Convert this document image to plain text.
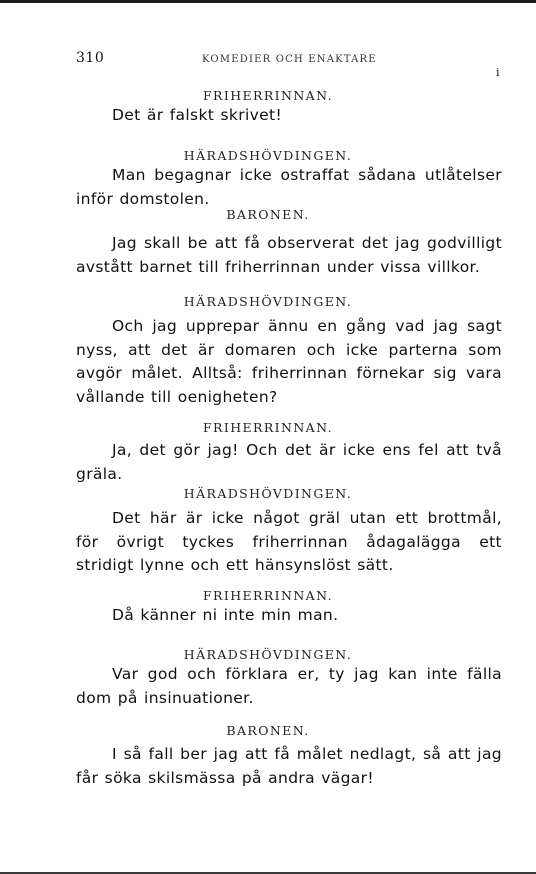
310	KOMEDIER OCH ENAKTARE
i
FRIHERRINNAN.

Det är falskt skrivet!

HÄRADSHÖVDINGEN.

Man begagnar icke ostraffat sådana utlåtelser inför domstolen.

BARONEN.

Jag skall be att få observerat det jag godvilligt avstått barnet till friherrinnan under vissa villkor.

HÄRADSHÖVDINGEN.

Och jag upprepar ännu en gång vad jag sagt nyss, att det är domaren och icke parterna som avgör målet. Alltså: friherrinnan förnekar sig vara vållande till oenigheten?

FRIHERRINNAN.

Ja, det gör jag! Och det är icke ens fel att två gräla.

HÄRADSHÖVDINGEN.

Det här är icke något gräl utan ett brottmål, för övrigt tyckes friherrinnan ådagalägga ett stridigt lynne och ett hänsynslöst sätt.

FRIHERRINNAN.

Då känner ni inte min man.

HÄRADSHÖVDINGEN.

Var god och förklara er, ty jag kan inte fälla dom på insinuationer.

BARONEN.

I så fall ber jag att få målet nedlagt, så att jag får söka skilsmässa på andra vägar!
